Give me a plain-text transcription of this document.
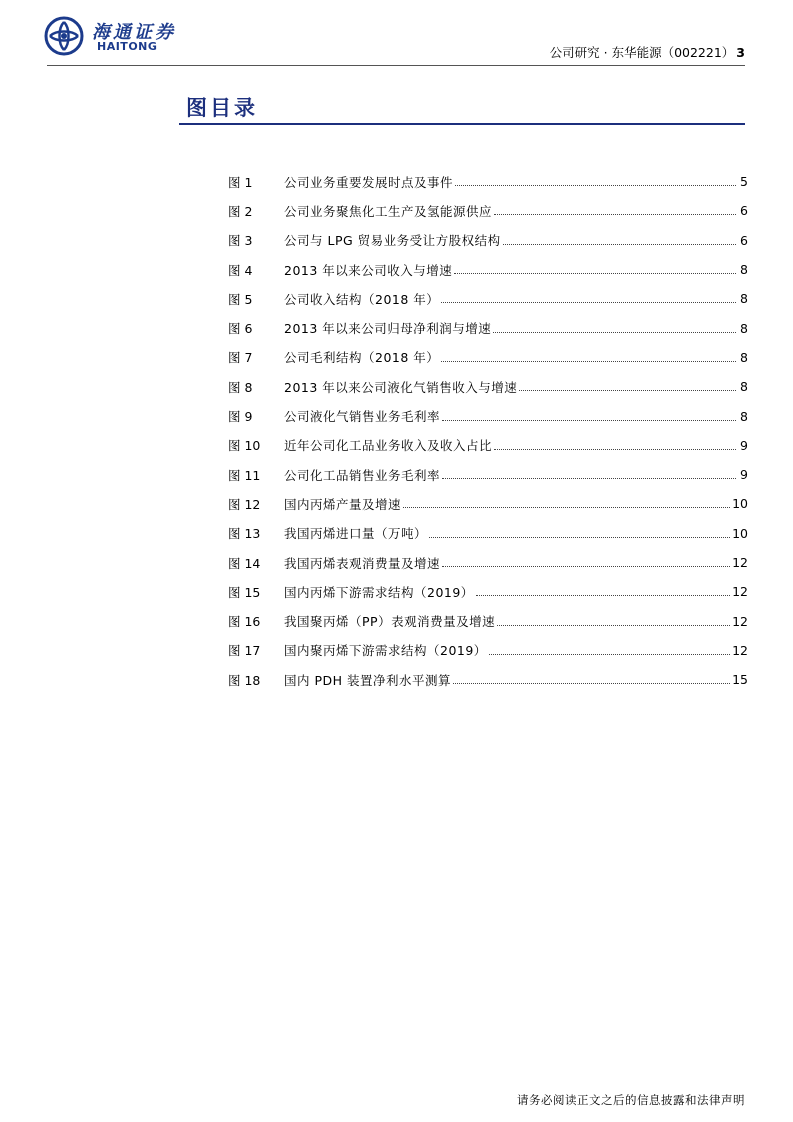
海通证券
HAITONG	公司研究 · 东华能源（002221） 3
图目录
图 1	公司业务重要发展时点及事件	5
图 2	公司业务聚焦化工生产及氢能源供应	6
图 3	公司与 LPG 贸易业务受让方股权结构	6
图 4	2013 年以来公司收入与增速	8
图 5	公司收入结构（2018 年）	8
图 6	2013 年以来公司归母净利润与增速	8
图 7	公司毛利结构（2018 年）	8
图 8	2013 年以来公司液化气销售收入与增速	8
图 9	公司液化气销售业务毛利率	8
图 10	近年公司化工品业务收入及收入占比	9
图 11	公司化工品销售业务毛利率	9
图 12	国内丙烯产量及增速	10
图 13	我国丙烯进口量（万吨）	10
图 14	我国丙烯表观消费量及增速	12
图 15	国内丙烯下游需求结构（2019）	12
图 16	我国聚丙烯（PP）表观消费量及增速	12
图 17	国内聚丙烯下游需求结构（2019）	12
图 18	国内 PDH 装置净利水平测算	15
请务必阅读正文之后的信息披露和法律声明
